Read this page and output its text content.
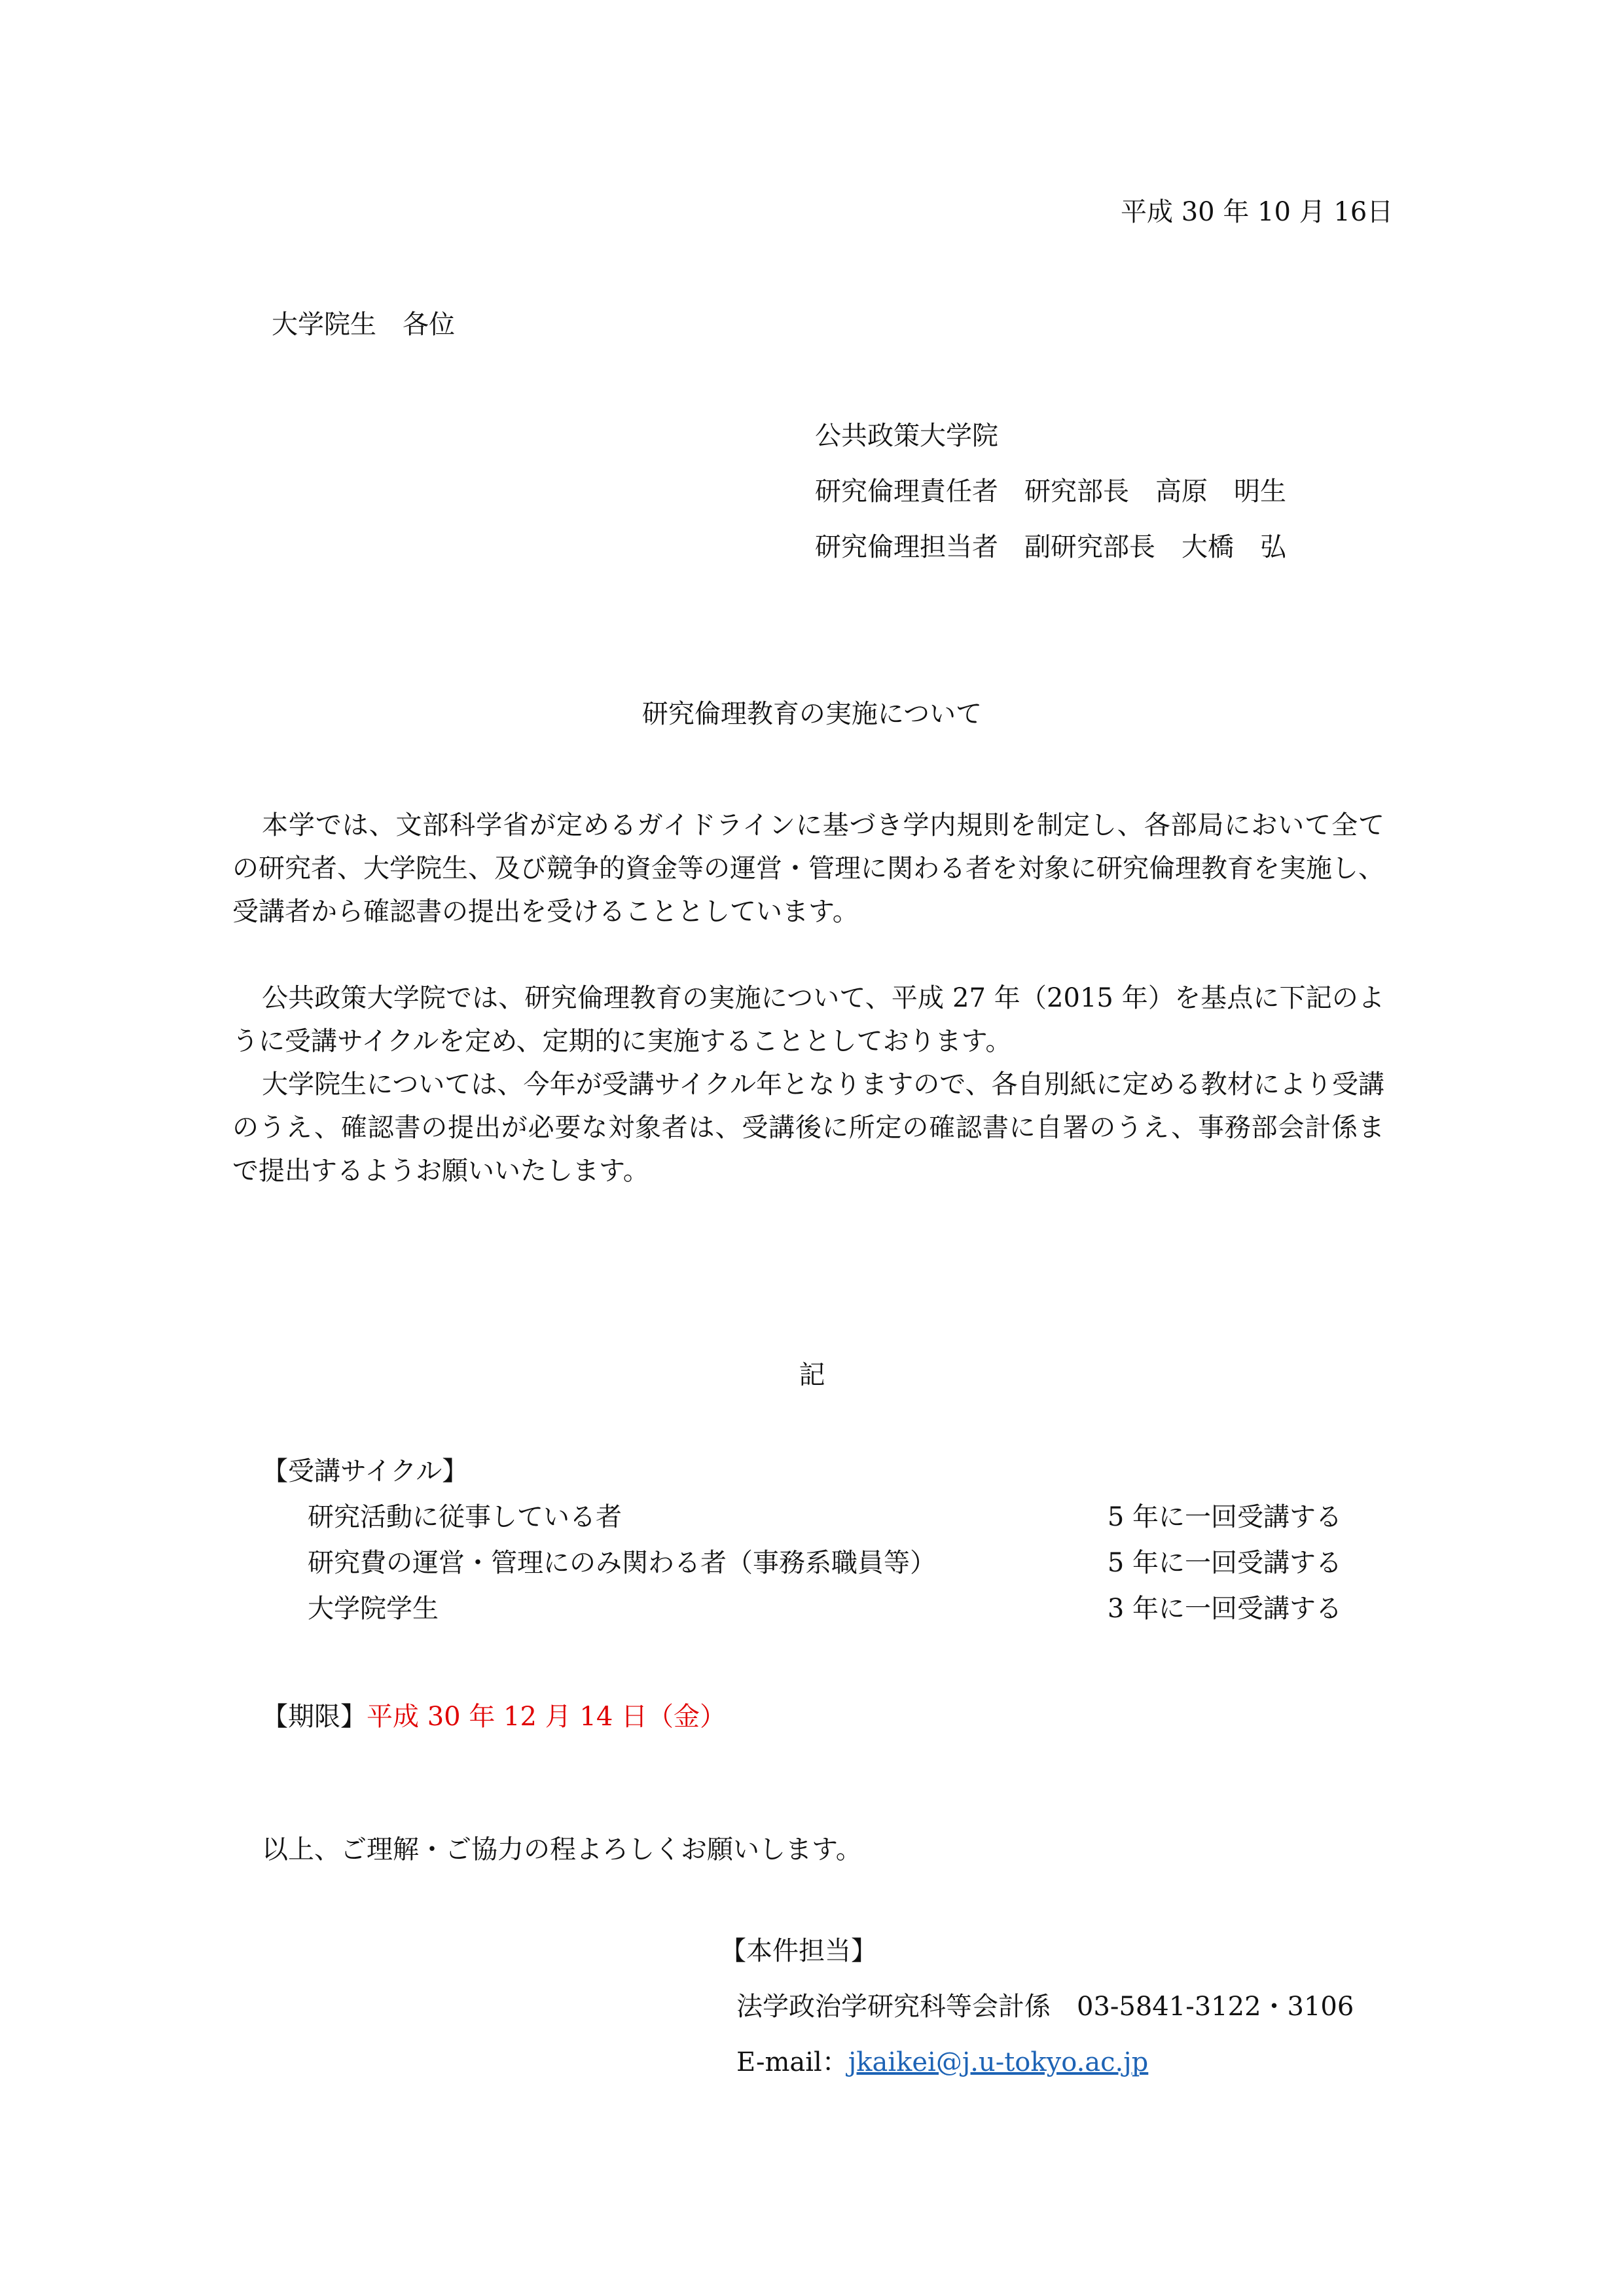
平成 30 年 10 月 16日

大学院生　各位

公共政策大学院

研究倫理責任者　研究部長　高原　明生

研究倫理担当者　副研究部長　大橋　弘

研究倫理教育の実施について

本学では、文部科学省が定めるガイドラインに基づき学内規則を制定し、各部局において全ての研究者、大学院生、及び競争的資金等の運営・管理に関わる者を対象に研究倫理教育を実施し、受講者から確認書の提出を受けることとしています。

公共政策大学院では、研究倫理教育の実施について、平成 27 年（2015 年）を基点に下記のように受講サイクルを定め、定期的に実施することとしております。

大学院生については、今年が受講サイクル年となりますので、各自別紙に定める教材により受講のうえ、確認書の提出が必要な対象者は、受講後に所定の確認書に自署のうえ、事務部会計係まで提出するようお願いいたします。

記

【受講サイクル】

研究活動に従事している者	5 年に一回受講する
研究費の運営・管理にのみ関わる者（事務系職員等）	5 年に一回受講する
大学院学生	3 年に一回受講する

【期限】平成 30 年 12 月 14 日（金）

以上、ご理解・ご協力の程よろしくお願いします。

【本件担当】

法学政治学研究科等会計係　03-5841-3122・3106

E-mail：jkaikei@j.u-tokyo.ac.jp
